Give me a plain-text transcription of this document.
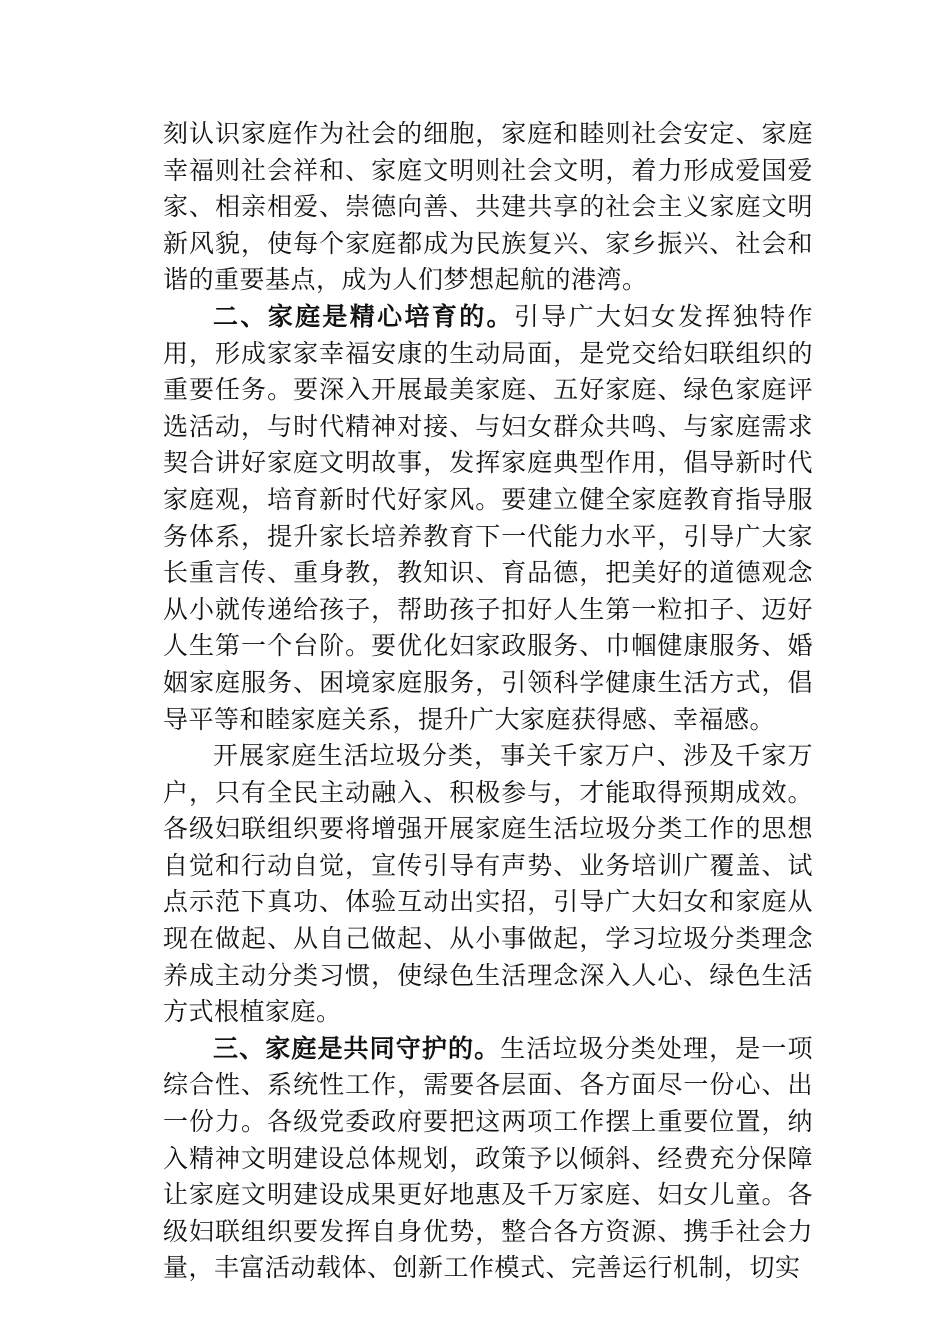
刻认识家庭作为社会的细胞，家庭和睦则社会安定、家庭幸福则社会祥和、家庭文明则社会文明，着力形成爱国爱家、相亲相爱、崇德向善、共建共享的社会主义家庭文明新风貌，使每个家庭都成为民族复兴、家乡振兴、社会和谐的重要基点，成为人们梦想起航的港湾。

二、家庭是精心培育的。引导广大妇女发挥独特作用，形成家家幸福安康的生动局面，是党交给妇联组织的重要任务。要深入开展最美家庭、五好家庭、绿色家庭评选活动，与时代精神对接、与妇女群众共鸣、与家庭需求契合讲好家庭文明故事，发挥家庭典型作用，倡导新时代家庭观，培育新时代好家风。要建立健全家庭教育指导服务体系，提升家长培养教育下一代能力水平，引导广大家长重言传、重身教，教知识、育品德，把美好的道德观念从小就传递给孩子，帮助孩子扣好人生第一粒扣子、迈好人生第一个台阶。要优化妇家政服务、巾帼健康服务、婚姻家庭服务、困境家庭服务，引领科学健康生活方式，倡导平等和睦家庭关系，提升广大家庭获得感、幸福感。

开展家庭生活垃圾分类，事关千家万户、涉及千家万户，只有全民主动融入、积极参与，才能取得预期成效。各级妇联组织要将增强开展家庭生活垃圾分类工作的思想自觉和行动自觉，宣传引导有声势、业务培训广覆盖、试点示范下真功、体验互动出实招，引导广大妇女和家庭从现在做起、从自己做起、从小事做起，学习垃圾分类理念养成主动分类习惯，使绿色生活理念深入人心、绿色生活方式根植家庭。

三、家庭是共同守护的。生活垃圾分类处理，是一项综合性、系统性工作，需要各层面、各方面尽一份心、出一份力。各级党委政府要把这两项工作摆上重要位置，纳入精神文明建设总体规划，政策予以倾斜、经费充分保障让家庭文明建设成果更好地惠及千万家庭、妇女儿童。各级妇联组织要发挥自身优势，整合各方资源、携手社会力量，丰富活动载体、创新工作模式、完善运行机制，切实
